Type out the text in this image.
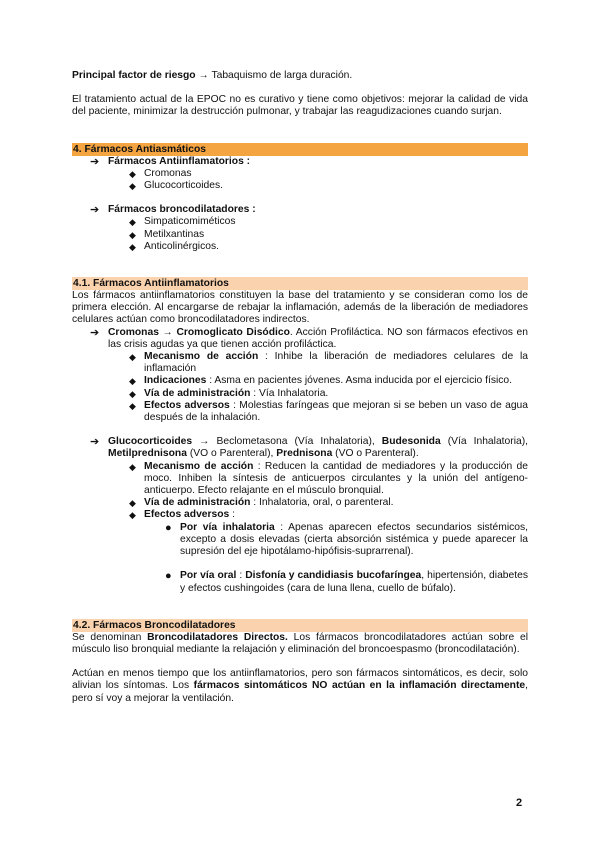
Principal factor de riesgo → Tabaquismo de larga duración.

El tratamiento actual de la EPOC no es curativo y tiene como objetivos: mejorar la calidad de vida del paciente, minimizar la destrucción pulmonar, y trabajar las reagudizaciones cuando surjan.

4. Fármacos Antiasmáticos
➔ Fármacos Antiinflamatorios :
◆ Cromonas
◆ Glucocorticoides.
➔ Fármacos broncodilatadores :
◆ Simpaticomiméticos
◆ Metilxantinas
◆ Anticolinérgicos.
4.1. Fármacos Antiinflamatorios

Los fármacos antiinflamatorios constituyen la base del tratamiento y se consideran como los de primera elección. Al encargarse de rebajar la inflamación, además de la liberación de mediadores celulares actúan como broncodilatadores indirectos.

➔ Cromonas → Cromoglicato Disódico. Acción Profiláctica. NO son fármacos efectivos en las crisis agudas ya que tienen acción profiláctica.

◆ Mecanismo de acción : Inhibe la liberación de mediadores celulares de la inflamación

◆ Indicaciones : Asma en pacientes jóvenes. Asma inducida por el ejercicio físico.

◆ Vía de administración : Vía Inhalatoria.

◆ Efectos adversos : Molestias faríngeas que mejoran si se beben un vaso de agua después de la inhalación.

➔ Glucocorticoides → Beclometasona (Vía Inhalatoria), Budesonida (Vía Inhalatoria), Metilprednisona (VO o Parenteral), Prednisona (VO o Parenteral).

◆ Mecanismo de acción : Reducen la cantidad de mediadores y la producción de moco. Inhiben la síntesis de anticuerpos circulantes y la unión del antígeno-anticuerpo. Efecto relajante en el músculo bronquial.

◆ Vía de administración : Inhalatoria, oral, o parenteral.

◆ Efectos adversos :

● Por vía inhalatoria : Apenas aparecen efectos secundarios sistémicos, excepto a dosis elevadas (cierta absorción sistémica y puede aparecer la supresión del eje hipotálamo-hipófisis-suprarrenal).

● Por vía oral : Disfonía y candidiasis bucofaríngea, hipertensión, diabetes y efectos cushingoides (cara de luna llena, cuello de búfalo).

4.2. Fármacos Broncodilatadores

Se denominan Broncodilatadores Directos. Los fármacos broncodilatadores actúan sobre el músculo liso bronquial mediante la relajación y eliminación del broncoespasmo (broncodilatación).

Actúan en menos tiempo que los antiinflamatorios, pero son fármacos sintomáticos, es decir, solo alivian los síntomas. Los fármacos sintomáticos NO actúan en la inflamación directamente, pero sí voy a mejorar la ventilación.

2
